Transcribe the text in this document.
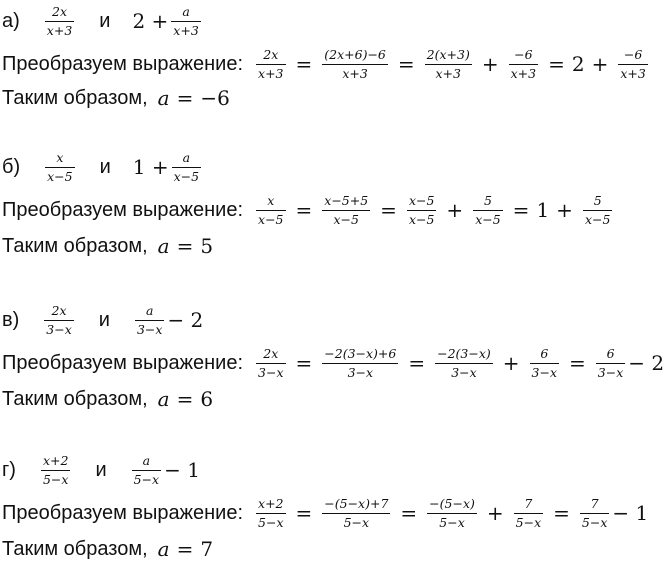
$а) \frac{2x}{x+3}$ и $2 + \frac{a}{x+3}$
Преобразуем выражение: $\frac{2x}{x+3} = \frac{(2x+6)-6}{x+3} = \frac{2(x+3)}{x+3} + \frac{-6}{x+3} = 2 + \frac{-6}{x+3}$
Таким образом, a = −6
$б) \frac{x}{x-5}$ и $1 + \frac{a}{x-5}$
Преобразуем выражение: $\frac{x}{x-5} = \frac{x-5+5}{x-5} = \frac{x-5}{x-5} + \frac{5}{x-5} = 1 + \frac{5}{x-5}$
Таким образом, a = 5
$в) \frac{2x}{3-x}$ и $\frac{a}{3-x} - 2$
Преобразуем выражение: $\frac{2x}{3-x} = \frac{-2(3-x)+6}{3-x} = \frac{-2(3-x)}{3-x} + \frac{6}{3-x} = \frac{6}{3-x} - 2$
Таким образом, a = 6
$г) \frac{x+2}{5-x}$ и $\frac{a}{5-x} - 1$
Преобразуем выражение: $\frac{x+2}{5-x} = \frac{-(5-x)+7}{5-x} = \frac{-(5-x)}{5-x} + \frac{7}{5-x} = \frac{7}{5-x} - 1$
Таким образом, a = 7
